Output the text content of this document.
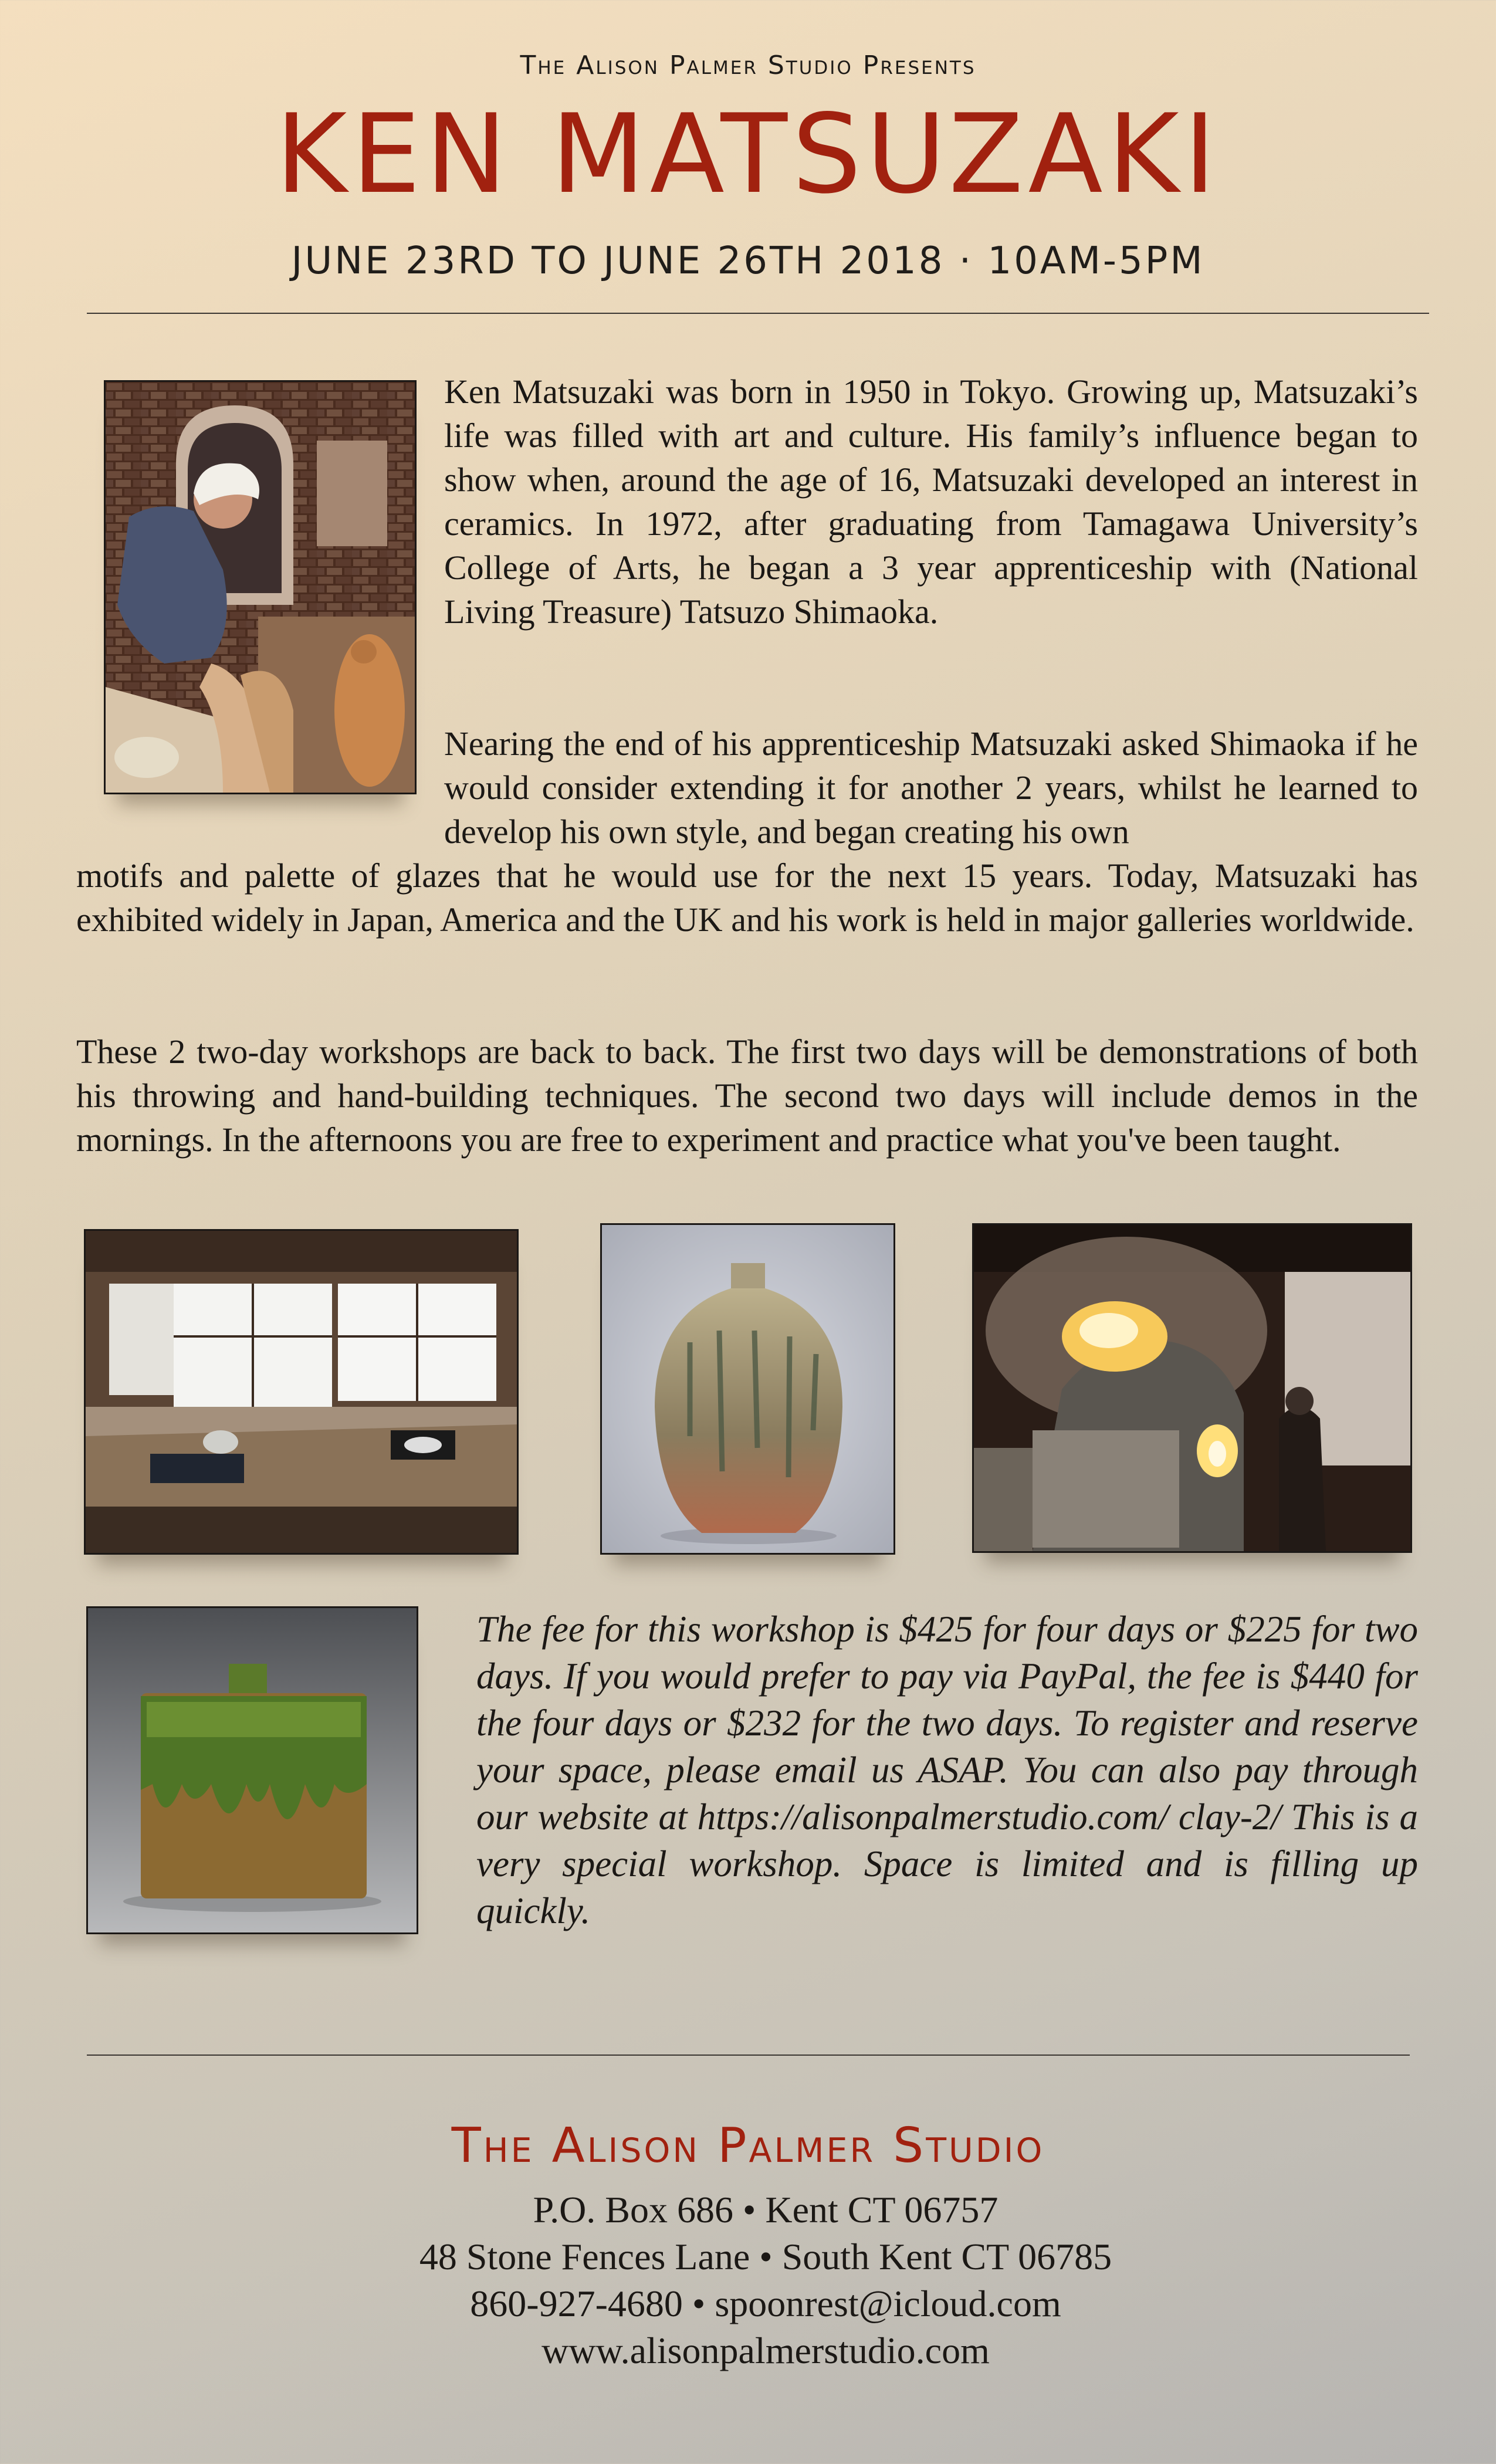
The Alison Palmer Studio Presents
KEN MATSUZAKI
JUNE 23RD TO JUNE 26TH 2018 · 10AM-5PM
Ken Matsuzaki was born in 1950 in Tokyo. Growing up, Matsuzaki’s life was filled with art and culture. His family’s influence began to show when, around the age of 16, Matsuzaki developed an interest in ceramics. In 1972, after graduating from Tamagawa University’s College of Arts, he began a 3 year apprenticeship with (National Living Treasure) Tatsuzo Shimaoka.
Nearing the end of his apprenticeship Matsuzaki asked Shimaoka if he would consider extending it for another 2 years, whilst he learned to develop his own style, and began creating his own
motifs and palette of glazes that he would use for the next 15 years. Today, Matsuzaki has exhibited widely in Japan, America and the UK and his work is held in major galleries worldwide.
These 2 two-day workshops are back to back. The first two days will be demonstrations of both his throwing and hand-building techniques. The second two days will include demos in the mornings. In the afternoons you are free to experiment and practice what you've been taught.
The fee for this workshop is $425 for four days or $225 for two days. If you would prefer to pay via PayPal, the fee is $440 for the four days or $232 for the two days. To register and reserve your space, please email us ASAP. You can also pay through our website at https://alisonpalmerstudio.com/ clay-2/ This is a very special workshop. Space is limited and is filling up quickly.
The Alison Palmer Studio
P.O. Box 686 • Kent CT 06757
48 Stone Fences Lane • South Kent CT 06785
860-927-4680 • spoonrest@icloud.com
www.alisonpalmerstudio.com
